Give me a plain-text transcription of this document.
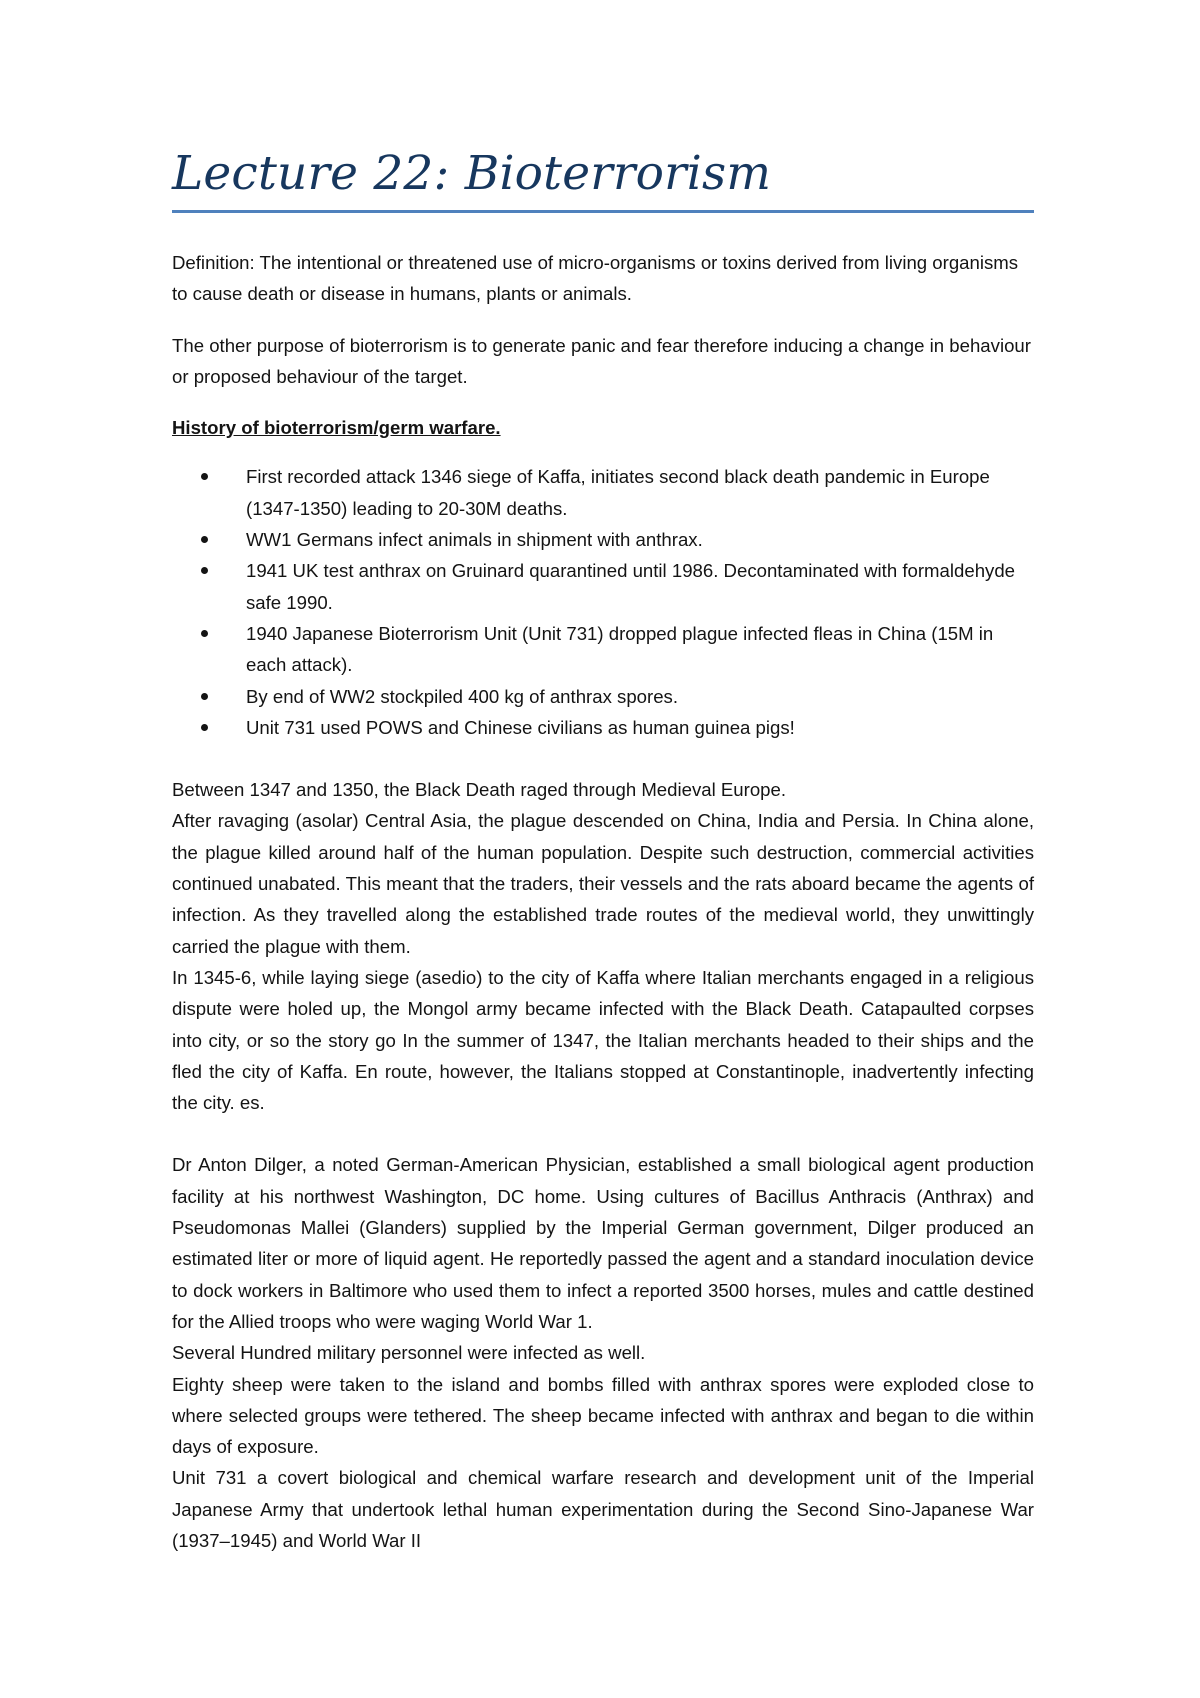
Lecture 22: Bioterrorism

Definition: The intentional or threatened use of micro-organisms or toxins derived from living organisms to cause death or disease in humans, plants or animals.

The other purpose of bioterrorism is to generate panic and fear therefore inducing a change in behaviour or proposed behaviour of the target.

History of bioterrorism/germ warfare.

First recorded attack 1346 siege of Kaffa, initiates second black death pandemic in Europe (1347-1350) leading to 20-30M deaths.
WW1 Germans infect animals in shipment with anthrax.
1941 UK test anthrax on Gruinard quarantined until 1986. Decontaminated with formaldehyde safe 1990.
1940 Japanese Bioterrorism Unit (Unit 731) dropped plague infected fleas in China (15M in each attack).
By end of WW2 stockpiled 400 kg of anthrax spores.
Unit 731 used POWS and Chinese civilians as human guinea pigs!

Between 1347 and 1350, the Black Death raged through Medieval Europe.

After ravaging (asolar) Central Asia, the plague descended on China, India and Persia. In China alone, the plague killed around half of the human population. Despite such destruction, commercial activities continued unabated. This meant that the traders, their vessels and the rats aboard became the agents of infection. As they travelled along the established trade routes of the medieval world, they unwittingly carried the plague with them.

In 1345-6, while laying siege (asedio) to the city of Kaffa where Italian merchants engaged in a religious dispute were holed up, the Mongol army became infected with the Black Death. Catapaulted corpses into city, or so the story go In the summer of 1347, the Italian merchants headed to their ships and the fled the city of Kaffa. En route, however, the Italians stopped at Constantinople, inadvertently infecting the city. es.

Dr Anton Dilger, a noted German-American Physician, established a small biological agent production facility at his northwest Washington, DC home. Using cultures of Bacillus Anthracis (Anthrax) and Pseudomonas Mallei (Glanders) supplied by the Imperial German government, Dilger produced an estimated liter or more of liquid agent. He reportedly passed the agent and a standard inoculation device to dock workers in Baltimore who used them to infect a reported 3500 horses, mules and cattle destined for the Allied troops who were waging World War 1.

Several Hundred military personnel were infected as well.

Eighty sheep were taken to the island and bombs filled with anthrax spores were exploded close to where selected groups were tethered. The sheep became infected with anthrax and began to die within days of exposure.

Unit 731 a covert biological and chemical warfare research and development unit of the Imperial Japanese Army that undertook lethal human experimentation during the Second Sino-Japanese War (1937–1945) and World War II
